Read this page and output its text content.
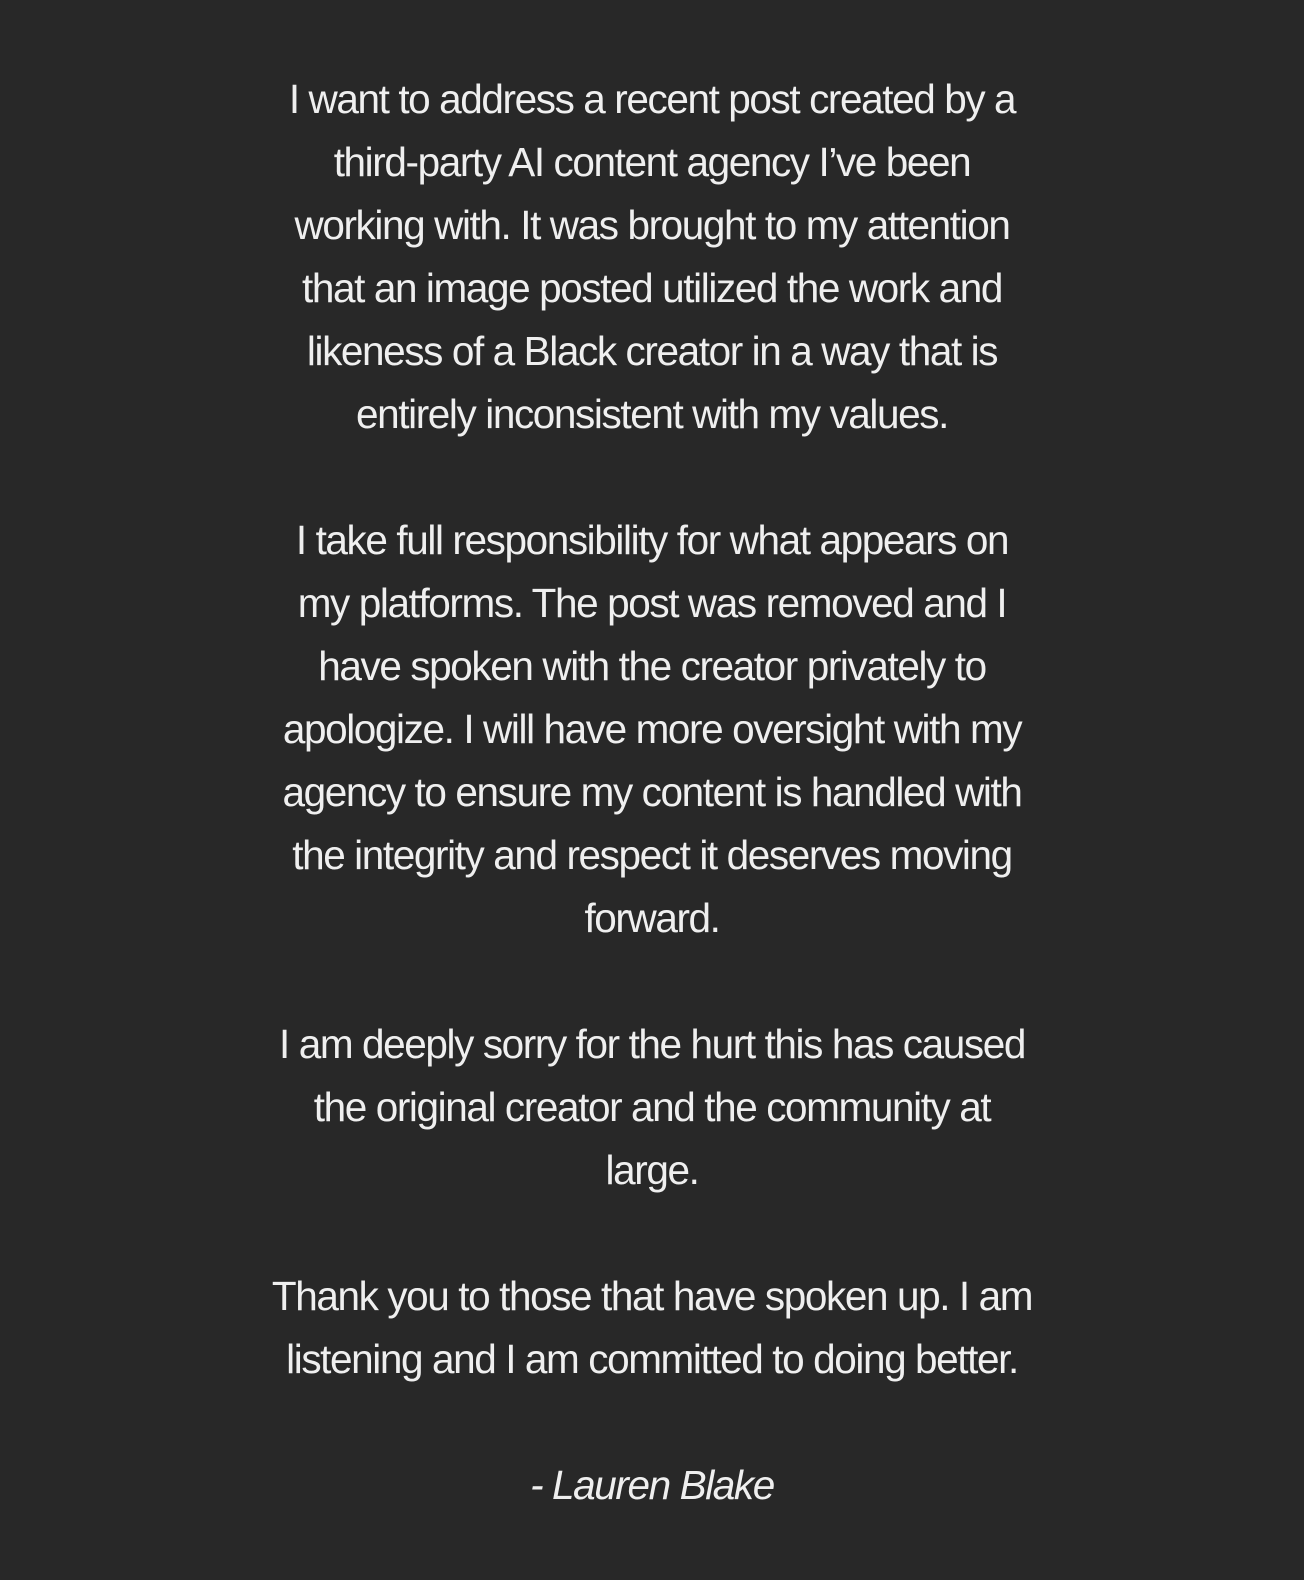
I want to address a recent post created by a
third-party AI content agency I’ve been
working with. It was brought to my attention
that an image posted utilized the work and
likeness of a Black creator in a way that is
entirely inconsistent with my values.

I take full responsibility for what appears on
my platforms. The post was removed and I
have spoken with the creator privately to
apologize. I will have more oversight with my
agency to ensure my content is handled with
the integrity and respect it deserves moving
forward.

I am deeply sorry for the hurt this has caused
the original creator and the community at
large.

Thank you to those that have spoken up. I am
listening and I am committed to doing better.

- Lauren Blake
